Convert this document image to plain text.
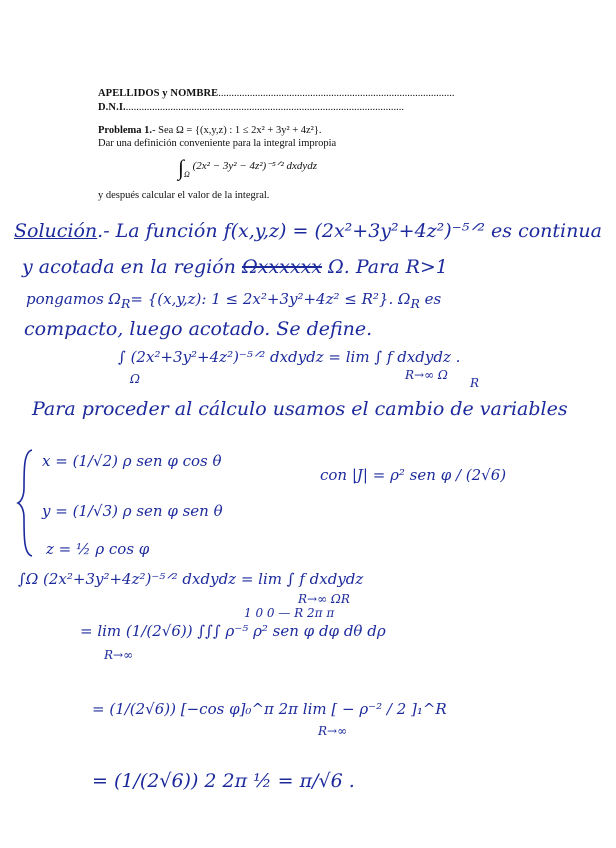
APELLIDOS y NOMBRE..........................................................................................
D.N.I...........................................................................................................
Problema 1.- Sea Ω = {(x,y,z) : 1 ≤ 2x² + 3y² + 4z²}.
Dar una definición conveniente para la integral impropia
$\int_\Omega$ (2x² − 3y² − 4z²)⁻⁵ᐟ² dxdydz
y después calcular el valor de la integral.
Solución.- La función f(x,y,z) = (2x²+3y²+4z²)⁻⁵ᐟ² es continua
y acotada en la región Ωxxxxxx Ω. Para R>1
pongamos $\Omega_R= \{(x,y,z)$: 1 ≤ 2x²+3y²+4z² ≤ R²}. $\Omega_R$ es
compacto, luego acotado. Se define.
∫ (2x²+3y²+4z²)⁻⁵ᐟ² dxdydz = lim ∫ f dxdydz .
Ω	R→∞ Ω
R
Para proceder al cálculo usamos el cambio de variables
x = (1/√2) ρ sen φ cos θ
y = (1/√3) ρ sen φ sen θ
z = ½ ρ cos φ
con |J| = ρ² sen φ / (2√6)
∫Ω (2x²+3y²+4z²)⁻⁵ᐟ² dxdydz = lim ∫ f dxdydz
R→∞ ΩR
1 0 0 — R 2π π
= lim (1/(2√6)) ∫∫∫ ρ⁻⁵ ρ² sen φ dφ dθ dρ
R→∞
= (1/(2√6)) [−cos φ]₀^π 2π lim [ − ρ⁻² / 2 ]₁^R
R→∞
= (1/(2√6)) 2 2π ½ = π/√6 .
